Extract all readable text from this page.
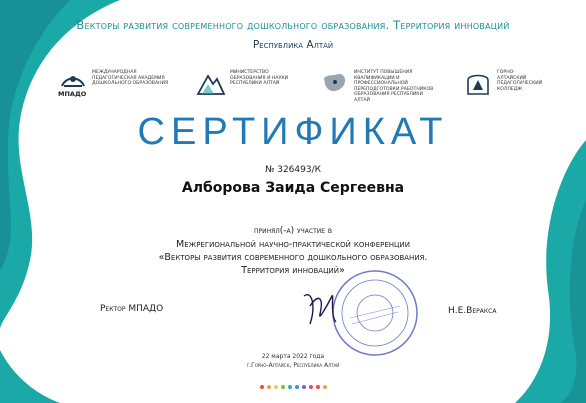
Векторы развития современного дошкольного образования. Территория инноваций
Республика Алтай
МПАДО
МЕЖДУНАРОДНАЯ ПЕДАГОГИЧЕСКАЯ АКАДЕМИЯ ДОШКОЛЬНОГО ОБРАЗОВАНИЯ
МИНИСТЕРСТВО ОБРАЗОВАНИЯ И НАУКИ РЕСПУБЛИКИ АЛТАЙ
ИНСТИТУТ ПОВЫШЕНИЯ КВАЛИФИКАЦИИ И ПРОФЕССИОНАЛЬНОЙ ПЕРЕПОДГОТОВКИ РАБОТНИКОВ ОБРАЗОВАНИЯ РЕСПУБЛИКИ АЛТАЙ
ГОРНО-АЛТАЙСКИЙ ПЕДАГОГИЧЕСКИЙ КОЛЛЕДЖ
СЕРТИФИКАТ
№ 326493/К
Алборова Заида Сергеевна
принял(-а) участие в
Межрегиональной научно-практической конференции
«Векторы развития современного дошкольного образования.
Территория инноваций»
Ректор МПАДО	Н.Е.Веракса
22 марта 2022 года
г.Горно-Алтайск, Республика Алтай
